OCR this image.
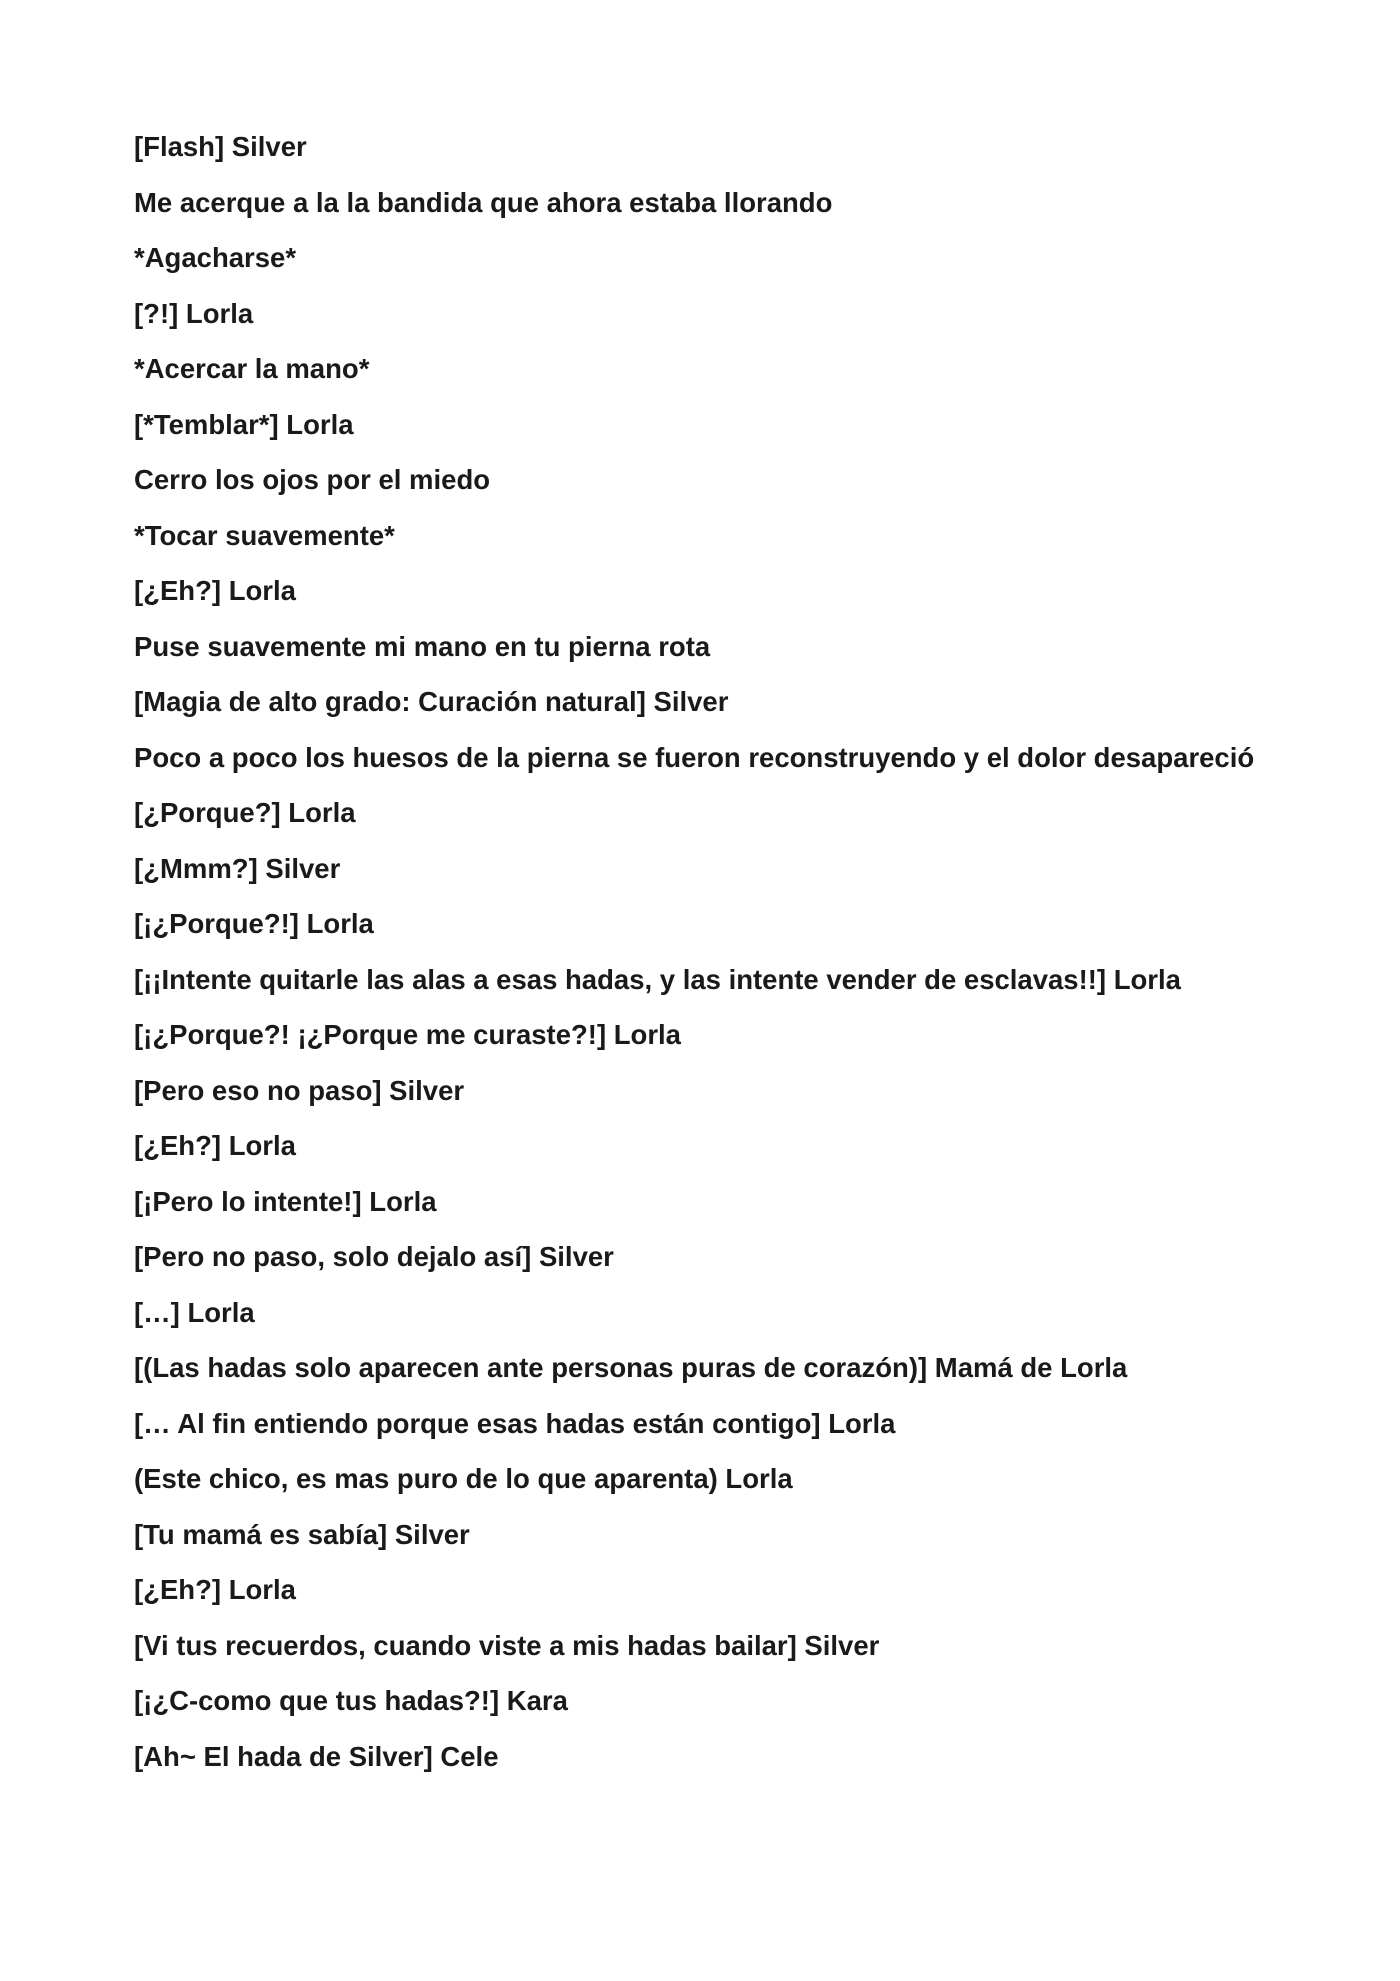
[Flash] Silver
Me acerque a la la bandida que ahora estaba llorando
*Agacharse*
[?!] Lorla
*Acercar la mano*
[*Temblar*] Lorla
Cerro los ojos por el miedo
*Tocar suavemente*
[¿Eh?] Lorla
Puse suavemente mi mano en tu pierna rota
[Magia de alto grado: Curación natural] Silver
Poco a poco los huesos de la pierna se fueron reconstruyendo y el dolor desapareció
[¿Porque?] Lorla
[¿Mmm?] Silver
[¡¿Porque?!] Lorla
[¡¡Intente quitarle las alas a esas hadas, y las intente vender de esclavas!!] Lorla
[¡¿Porque?! ¡¿Porque me curaste?!] Lorla
[Pero eso no paso] Silver
[¿Eh?] Lorla
[¡Pero lo intente!] Lorla
[Pero no paso, solo dejalo así] Silver
[…] Lorla
[(Las hadas solo aparecen ante personas puras de corazón)] Mamá de Lorla
[… Al fin entiendo porque esas hadas están contigo] Lorla
(Este chico, es mas puro de lo que aparenta) Lorla
[Tu mamá es sabía] Silver
[¿Eh?] Lorla
[Vi tus recuerdos, cuando viste a mis hadas bailar] Silver
[¡¿C-como que tus hadas?!] Kara
[Ah~ El hada de Silver] Cele
